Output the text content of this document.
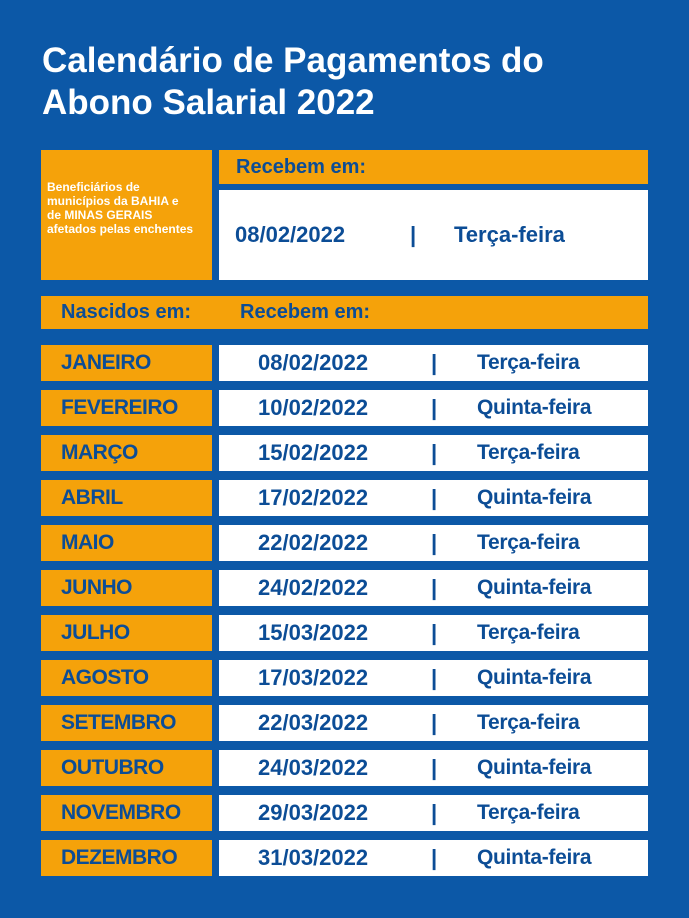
Calendário de Pagamentos do
Abono Salarial 2022
Beneficiários de
municípios da BAHIA e
de MINAS GERAIS
afetados pelas enchentes
Recebem em:
08/02/2022	| Terça-feira
Nascidos em: Recebem em:
JANEIRO	08/02/2022	| Terça-feira
FEVEREIRO	10/02/2022	| Quinta-feira
MARÇO	15/02/2022	| Terça-feira
ABRIL	17/02/2022	| Quinta-feira
MAIO	22/02/2022	| Terça-feira
JUNHO	24/02/2022	| Quinta-feira
JULHO	15/03/2022	| Terça-feira
AGOSTO	17/03/2022	| Quinta-feira
SETEMBRO	22/03/2022	| Terça-feira
OUTUBRO	24/03/2022	| Quinta-feira
NOVEMBRO	29/03/2022	| Terça-feira
DEZEMBRO	31/03/2022	| Quinta-feira
